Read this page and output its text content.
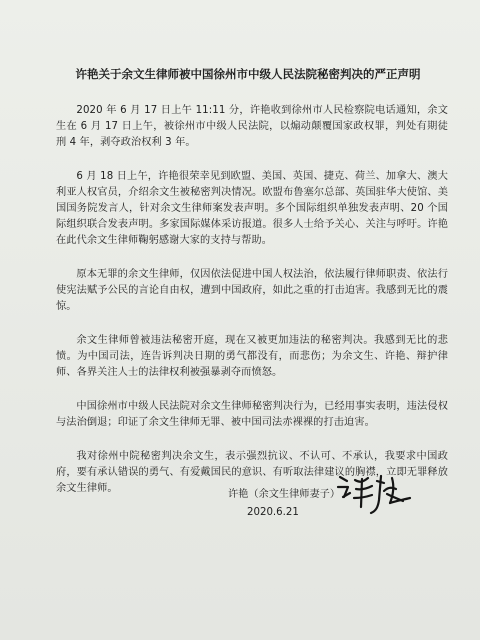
许艳关于余文生律师被中国徐州市中级人民法院秘密判决的严正声明

2020 年 6 月 17 日上午 11:11 分，许艳收到徐州市人民检察院电话通知，余文生在 6 月 17 日上午，被徐州市中级人民法院，以煽动颠覆国家政权罪，判处有期徒刑 4 年，剥夺政治权利 3 年。

6 月 18 日上午，许艳很荣幸见到欧盟、美国、英国、捷克、荷兰、加拿大、澳大利亚人权官员，介绍余文生被秘密判决情况。欧盟布鲁塞尔总部、英国驻华大使馆、美国国务院发言人，针对余文生律师案发表声明。多个国际组织单独发表声明、20 个国际组织联合发表声明。多家国际媒体采访报道。很多人士给予关心、关注与呼吁。许艳在此代余文生律师鞠躬感谢大家的支持与帮助。

原本无罪的余文生律师，仅因依法促进中国人权法治，依法履行律师职责、依法行使宪法赋予公民的言论自由权，遭到中国政府，如此之重的打击迫害。我感到无比的震惊。

余文生律师曾被违法秘密开庭，现在又被更加违法的秘密判决。我感到无比的悲愤。为中国司法，连告诉判决日期的勇气都没有，而悲伤；为余文生、许艳、辩护律师、各界关注人士的法律权利被强暴剥夺而愤怒。

中国徐州市中级人民法院对余文生律师秘密判决行为，已经用事实表明，违法侵权与法治倒退；印证了余文生律师无罪、被中国司法赤裸裸的打击迫害。

我对徐州中院秘密判决余文生，表示强烈抗议、不认可、不承认，我要求中国政府，要有承认错误的勇气、有爱戴国民的意识、有听取法律建议的胸襟，立即无罪释放余文生律师。

许艳（余文生律师妻子）
2020.6.21
